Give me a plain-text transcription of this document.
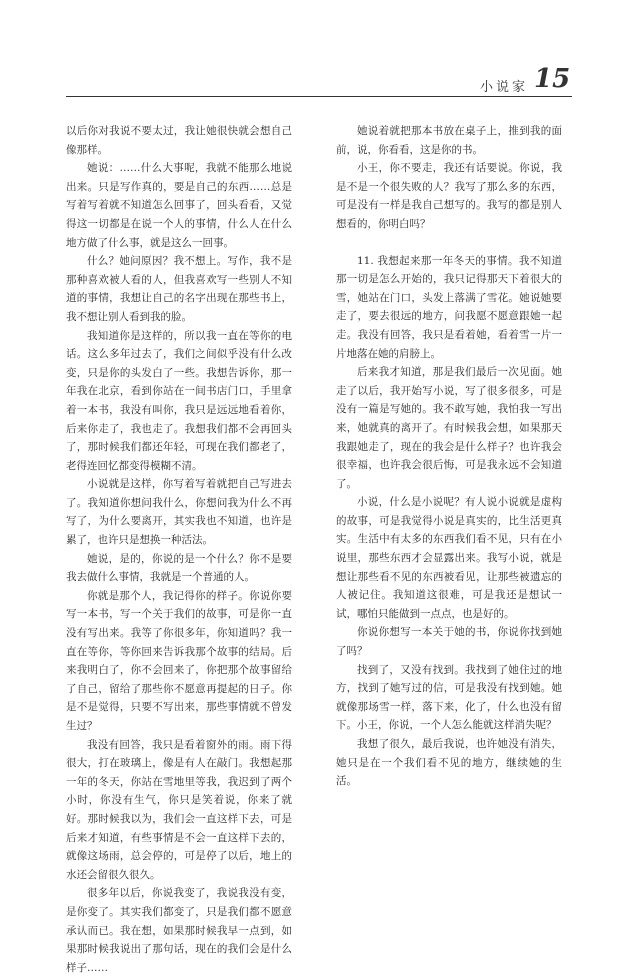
15
小说家

以后你对我说不要太过，我让她很快就会想自己像那样。

她说：……什么大事呢，我就不能那么地说出来。只是写作真的，要是自己的东西……总是写着写着就不知道怎么回事了，回头看看，又觉得这一切都是在说一个人的事情，什么人在什么地方做了什么事，就是这么一回事。

什么？她问原因？我不想上。写作，我不是那种喜欢被人看的人，但我喜欢写一些别人不知道的事情，我想让自己的名字出现在那些书上，我不想让别人看到我的脸。

我知道你是这样的，所以我一直在等你的电话。这么多年过去了，我们之间似乎没有什么改变，只是你的头发白了一些。我想告诉你，那一年我在北京，看到你站在一间书店门口，手里拿着一本书，我没有叫你，我只是远远地看着你，后来你走了，我也走了。我想我们都不会再回头了，那时候我们都还年轻，可现在我们都老了，老得连回忆都变得模糊不清。

小说就是这样，你写着写着就把自己写进去了。我知道你想问我什么，你想问我为什么不再写了，为什么要离开，其实我也不知道，也许是累了，也许只是想换一种活法。

她说，是的，你说的是一个什么？你不是要我去做什么事情，我就是一个普通的人。

你就是那个人，我记得你的样子。你说你要写一本书，写一个关于我们的故事，可是你一直没有写出来。我等了你很多年，你知道吗？我一直在等你，等你回来告诉我那个故事的结局。后来我明白了，你不会回来了，你把那个故事留给了自己，留给了那些你不愿意再提起的日子。你是不是觉得，只要不写出来，那些事情就不曾发生过？

我没有回答，我只是看着窗外的雨。雨下得很大，打在玻璃上，像是有人在敲门。我想起那一年的冬天，你站在雪地里等我，我迟到了两个小时，你没有生气，你只是笑着说，你来了就好。那时候我以为，我们会一直这样下去，可是后来才知道，有些事情是不会一直这样下去的，就像这场雨，总会停的，可是停了以后，地上的水还会留很久很久。

很多年以后，你说我变了，我说我没有变，是你变了。其实我们都变了，只是我们都不愿意承认而已。我在想，如果那时候我早一点到，如果那时候我说出了那句话，现在的我们会是什么样子……

她说着就把那本书放在桌子上，推到我的面前，说，你看看，这是你的书。

小王，你不要走，我还有话要说。你说，我是不是一个很失败的人？我写了那么多的东西，可是没有一样是我自己想写的。我写的都是别人想看的，你明白吗？

11. 我想起来那一年冬天的事情。我不知道那一切是怎么开始的，我只记得那天下着很大的雪，她站在门口，头发上落满了雪花。她说她要走了，要去很远的地方，问我愿不愿意跟她一起走。我没有回答，我只是看着她，看着雪一片一片地落在她的肩膀上。

后来我才知道，那是我们最后一次见面。她走了以后，我开始写小说，写了很多很多，可是没有一篇是写她的。我不敢写她，我怕我一写出来，她就真的离开了。有时候我会想，如果那天我跟她走了，现在的我会是什么样子？也许我会很幸福，也许我会很后悔，可是我永远不会知道了。

小说，什么是小说呢？有人说小说就是虚构的故事，可是我觉得小说是真实的，比生活更真实。生活中有太多的东西我们看不见，只有在小说里，那些东西才会显露出来。我写小说，就是想让那些看不见的东西被看见，让那些被遗忘的人被记住。我知道这很难，可是我还是想试一试，哪怕只能做到一点点，也是好的。

你说你想写一本关于她的书，你说你找到她了吗？

找到了，又没有找到。我找到了她住过的地方，找到了她写过的信，可是我没有找到她。她就像那场雪一样，落下来，化了，什么也没有留下。小王，你说，一个人怎么能就这样消失呢？

我想了很久，最后我说，也许她没有消失，她只是在一个我们看不见的地方，继续她的生活。
